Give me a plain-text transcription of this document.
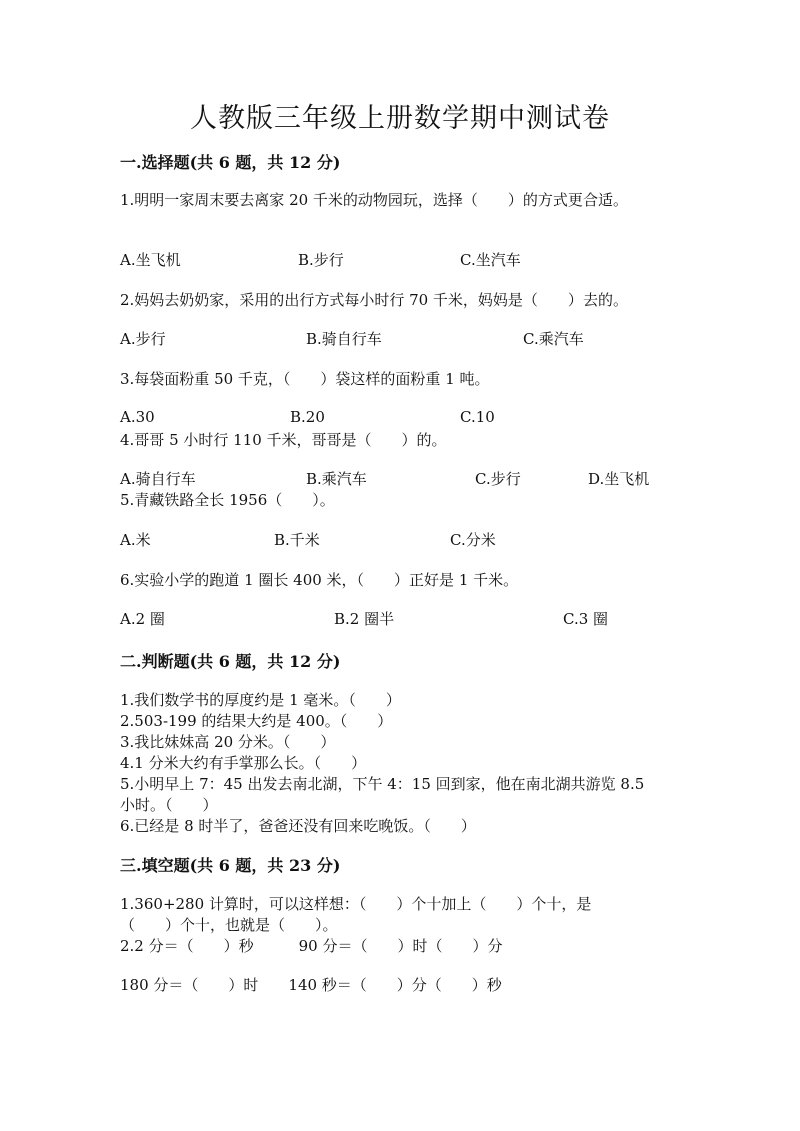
人教版三年级上册数学期中测试卷
一.选择题(共 6 题，共 12 分)
1.明明一家周末要去离家 20 千米的动物园玩，选择（　　）的方式更合适。
A.坐飞机	B.步行	C.坐汽车
2.妈妈去奶奶家，采用的出行方式每小时行 70 千米，妈妈是（　　）去的。
A.步行	B.骑自行车	C.乘汽车
3.每袋面粉重 50 千克，（　　）袋这样的面粉重 1 吨。
A.30	B.20	C.10
4.哥哥 5 小时行 110 千米，哥哥是（　　）的。
A.骑自行车	B.乘汽车	C.步行	D.坐飞机
5.青藏铁路全长 1956（　　）。
A.米	B.千米	C.分米
6.实验小学的跑道 1 圈长 400 米，（　　）正好是 1 千米。
A.2 圈	B.2 圈半	C.3 圈
二.判断题(共 6 题，共 12 分)
1.我们数学书的厚度约是 1 毫米。（　　）
2.503-199 的结果大约是 400。（　　）
3.我比妹妹高 20 分米。（　　）
4.1 分米大约有手掌那么长。（　　）
5.小明早上 7：45 出发去南北湖，下午 4：15 回到家，他在南北湖共游览 8.5
小时。（　　）
6.已经是 8 时半了，爸爸还没有回来吃晚饭。（　　）
三.填空题(共 6 题，共 23 分)
1.360+280 计算时，可以这样想：（　　）个十加上（　　）个十，是
（　　）个十，也就是（　　）。
2.2 分＝（　　）秒　　　90 分＝（　　）时（　　）分
180 分＝（　　）时　　140 秒＝（　　）分（　　）秒
